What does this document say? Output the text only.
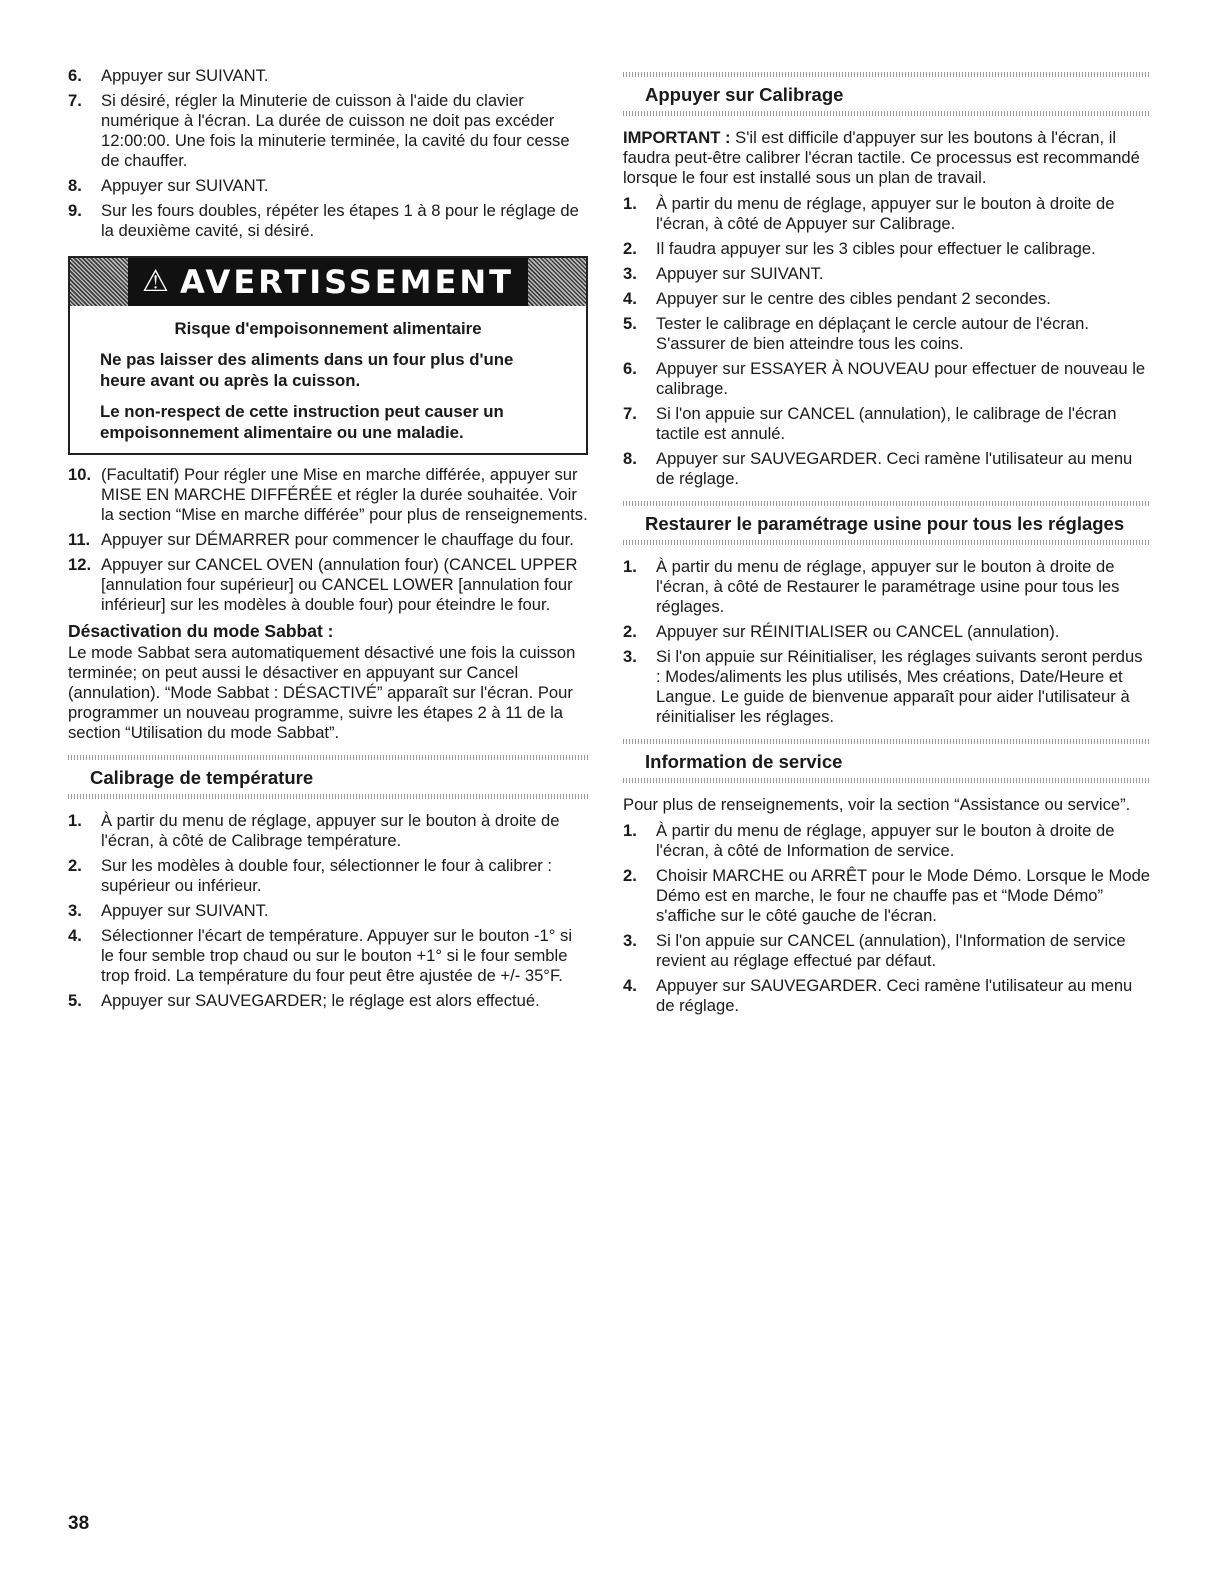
6. Appuyer sur SUIVANT.
7. Si désiré, régler la Minuterie de cuisson à l'aide du clavier numérique à l'écran. La durée de cuisson ne doit pas excéder 12:00:00. Une fois la minuterie terminée, la cavité du four cesse de chauffer.
8. Appuyer sur SUIVANT.
9. Sur les fours doubles, répéter les étapes 1 à 8 pour le réglage de la deuxième cavité, si désiré.
⚠ AVERTISSEMENT

Risque d'empoisonnement alimentaire

Ne pas laisser des aliments dans un four plus d'une heure avant ou après la cuisson.

Le non-respect de cette instruction peut causer un empoisonnement alimentaire ou une maladie.

10. (Facultatif) Pour régler une Mise en marche différée, appuyer sur MISE EN MARCHE DIFFÉRÉE et régler la durée souhaitée. Voir la section “Mise en marche différée” pour plus de renseignements.
11. Appuyer sur DÉMARRER pour commencer le chauffage du four.
12. Appuyer sur CANCEL OVEN (annulation four) (CANCEL UPPER [annulation four supérieur] ou CANCEL LOWER [annulation four inférieur] sur les modèles à double four) pour éteindre le four.
Désactivation du mode Sabbat :

Le mode Sabbat sera automatiquement désactivé une fois la cuisson terminée; on peut aussi le désactiver en appuyant sur Cancel (annulation). “Mode Sabbat : DÉSACTIVÉ” apparaît sur l'écran. Pour programmer un nouveau programme, suivre les étapes 2 à 11 de la section “Utilisation du mode Sabbat”.

Calibrage de température
1. À partir du menu de réglage, appuyer sur le bouton à droite de l'écran, à côté de Calibrage température.
2. Sur les modèles à double four, sélectionner le four à calibrer : supérieur ou inférieur.
3. Appuyer sur SUIVANT.
4. Sélectionner l'écart de température. Appuyer sur le bouton -1° si le four semble trop chaud ou sur le bouton +1° si le four semble trop froid. La température du four peut être ajustée de +/- 35°F.
5. Appuyer sur SAUVEGARDER; le réglage est alors effectué.
Appuyer sur Calibrage

IMPORTANT : S'il est difficile d'appuyer sur les boutons à l'écran, il faudra peut-être calibrer l'écran tactile. Ce processus est recommandé lorsque le four est installé sous un plan de travail.

1. À partir du menu de réglage, appuyer sur le bouton à droite de l'écran, à côté de Appuyer sur Calibrage.
2. Il faudra appuyer sur les 3 cibles pour effectuer le calibrage.
3. Appuyer sur SUIVANT.
4. Appuyer sur le centre des cibles pendant 2 secondes.
5. Tester le calibrage en déplaçant le cercle autour de l'écran. S'assurer de bien atteindre tous les coins.
6. Appuyer sur ESSAYER À NOUVEAU pour effectuer de nouveau le calibrage.
7. Si l'on appuie sur CANCEL (annulation), le calibrage de l'écran tactile est annulé.
8. Appuyer sur SAUVEGARDER. Ceci ramène l'utilisateur au menu de réglage.
Restaurer le paramétrage usine pour tous les réglages
1. À partir du menu de réglage, appuyer sur le bouton à droite de l'écran, à côté de Restaurer le paramétrage usine pour tous les réglages.
2. Appuyer sur RÉINITIALISER ou CANCEL (annulation).
3. Si l'on appuie sur Réinitialiser, les réglages suivants seront perdus : Modes/aliments les plus utilisés, Mes créations, Date/Heure et Langue. Le guide de bienvenue apparaît pour aider l'utilisateur à réinitialiser les réglages.
Information de service

Pour plus de renseignements, voir la section “Assistance ou service”.

1. À partir du menu de réglage, appuyer sur le bouton à droite de l'écran, à côté de Information de service.
2. Choisir MARCHE ou ARRÊT pour le Mode Démo. Lorsque le Mode Démo est en marche, le four ne chauffe pas et “Mode Démo” s'affiche sur le côté gauche de l'écran.
3. Si l'on appuie sur CANCEL (annulation), l'Information de service revient au réglage effectué par défaut.
4. Appuyer sur SAUVEGARDER. Ceci ramène l'utilisateur au menu de réglage.
38
